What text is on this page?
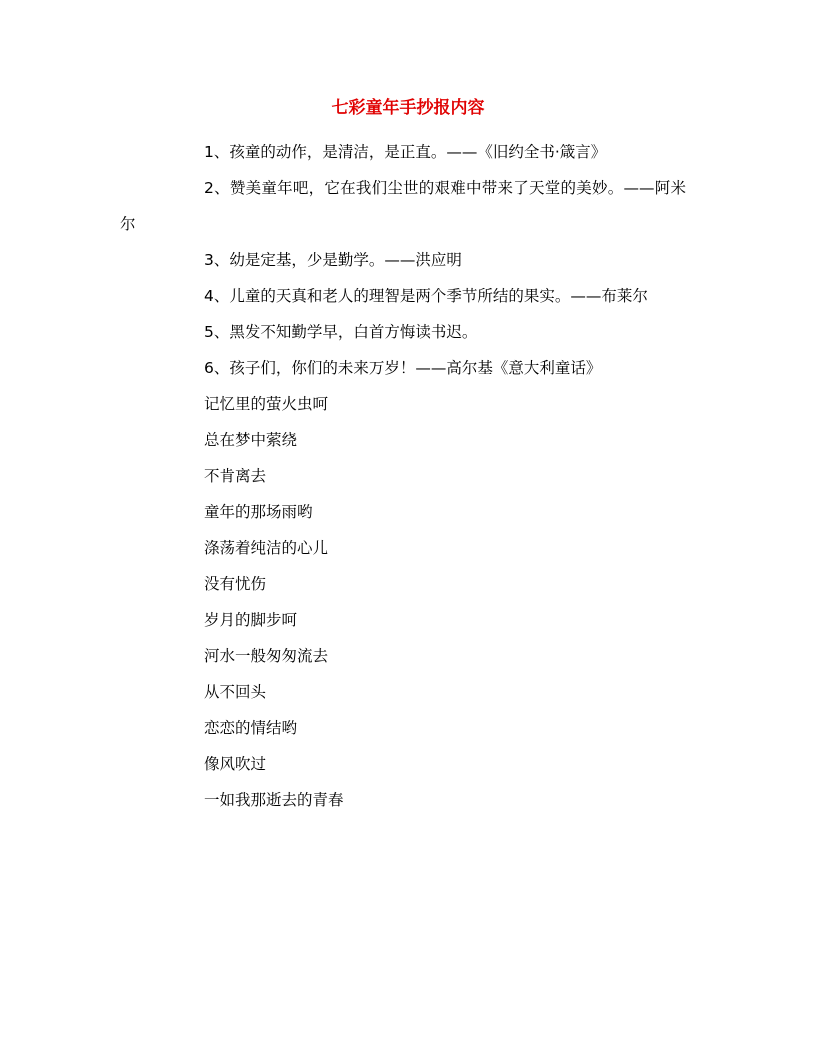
七彩童年手抄报内容

1、孩童的动作，是清洁，是正直。——《旧约全书·箴言》

2、赞美童年吧，它在我们尘世的艰难中带来了天堂的美妙。——阿米尔

3、幼是定基，少是勤学。——洪应明

4、儿童的天真和老人的理智是两个季节所结的果实。——布莱尔

5、黑发不知勤学早，白首方悔读书迟。

6、孩子们，你们的未来万岁！——高尔基《意大利童话》

记忆里的萤火虫呵

总在梦中萦绕

不肯离去

童年的那场雨哟

涤荡着纯洁的心儿

没有忧伤

岁月的脚步呵

河水一般匆匆流去

从不回头

恋恋的情结哟

像风吹过

一如我那逝去的青春
